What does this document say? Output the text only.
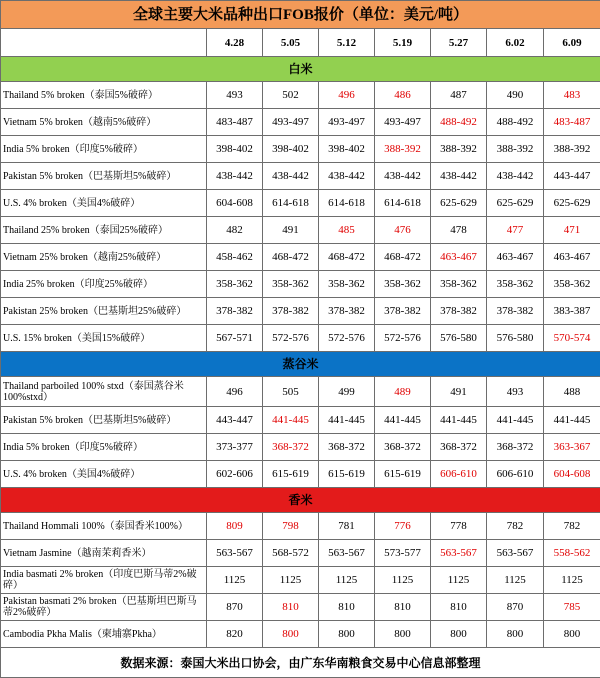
全球主要大米品种出口FOB报价（单位：美元/吨）							
	4.28	5.05	5.12	5.19	5.27	6.02	6.09
白米							
Thailand 5% broken（泰国5%破碎）	493	502	496	486	487	490	483
Vietnam 5% broken（越南5%破碎）	483-487	493-497	493-497	493-497	488-492	488-492	483-487
India 5% broken（印度5%破碎）	398-402	398-402	398-402	388-392	388-392	388-392	388-392
Pakistan 5% broken（巴基斯坦5%破碎）	438-442	438-442	438-442	438-442	438-442	438-442	443-447
U.S. 4% broken（美国4%破碎）	604-608	614-618	614-618	614-618	625-629	625-629	625-629
Thailand 25% broken（泰国25%破碎）	482	491	485	476	478	477	471
Vietnam 25% broken（越南25%破碎）	458-462	468-472	468-472	468-472	463-467	463-467	463-467
India 25% broken（印度25%破碎）	358-362	358-362	358-362	358-362	358-362	358-362	358-362
Pakistan 25% broken（巴基斯坦25%破碎）	378-382	378-382	378-382	378-382	378-382	378-382	383-387
U.S. 15% broken（美国15%破碎）	567-571	572-576	572-576	572-576	576-580	576-580	570-574
蒸谷米							
Thailand parboiled 100% stxd（泰国蒸谷米100%stxd）	496	505	499	489	491	493	488
Pakistan 5% broken（巴基斯坦5%破碎）	443-447	441-445	441-445	441-445	441-445	441-445	441-445
India 5% broken（印度5%破碎）	373-377	368-372	368-372	368-372	368-372	368-372	363-367
U.S. 4% broken（美国4%破碎）	602-606	615-619	615-619	615-619	606-610	606-610	604-608
香米							
Thailand Hommali 100%（泰国香米100%）	809	798	781	776	778	782	782
Vietnam Jasmine（越南茉莉香米）	563-567	568-572	563-567	573-577	563-567	563-567	558-562
India basmati 2% broken（印度巴斯马蒂2%破碎）	1125	1125	1125	1125	1125	1125	1125
Pakistan basmati 2% broken（巴基斯坦巴斯马蒂2%破碎）	870	810	810	810	810	870	785
Cambodia Pkha Malis（柬埔寨Pkha）	820	800	800	800	800	800	800
数据来源：泰国大米出口协会，由广东华南粮食交易中心信息部整理							
